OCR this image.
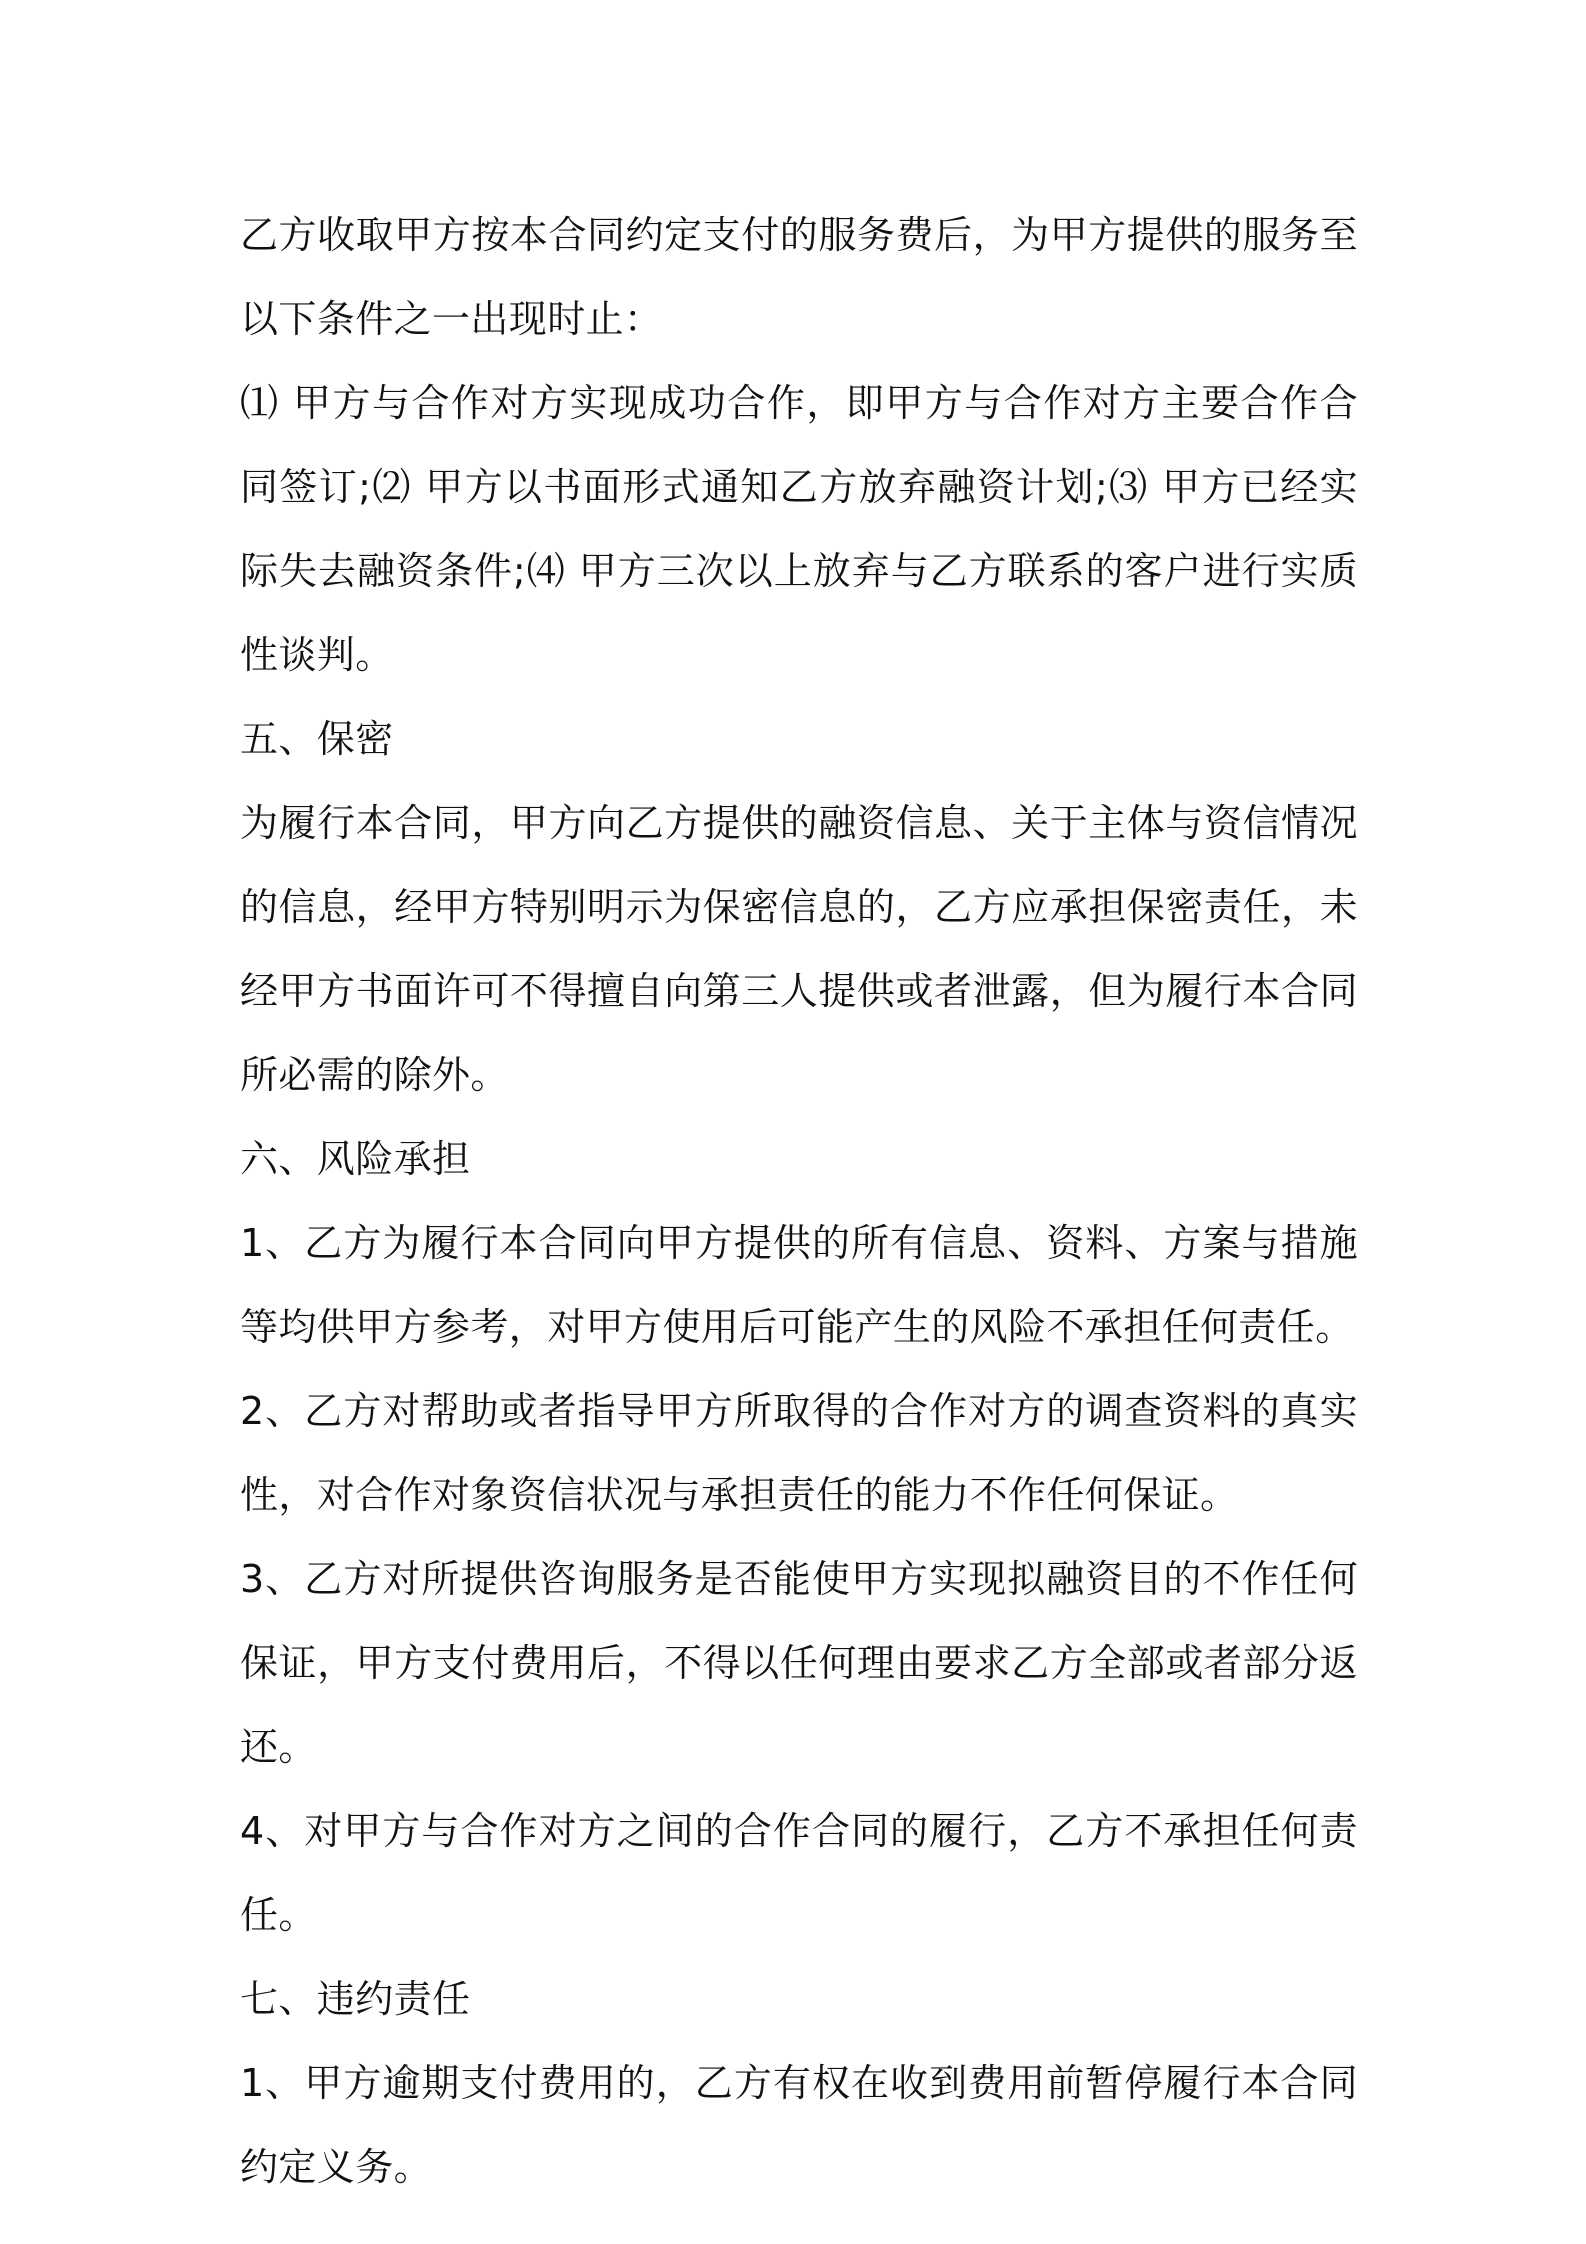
乙方收取甲方按本合同约定支付的服务费后，为甲方提供的服务至以下条件之一出现时止：

⑴ 甲方与合作对方实现成功合作，即甲方与合作对方主要合作合同签订;⑵ 甲方以书面形式通知乙方放弃融资计划;⑶ 甲方已经实际失去融资条件;⑷ 甲方三次以上放弃与乙方联系的客户进行实质性谈判。

五、保密

为履行本合同，甲方向乙方提供的融资信息、关于主体与资信情况的信息，经甲方特别明示为保密信息的，乙方应承担保密责任，未经甲方书面许可不得擅自向第三人提供或者泄露，但为履行本合同所必需的除外。

六、风险承担

1、乙方为履行本合同向甲方提供的所有信息、资料、方案与措施等均供甲方参考，对甲方使用后可能产生的风险不承担任何责任。

2、乙方对帮助或者指导甲方所取得的合作对方的调查资料的真实性，对合作对象资信状况与承担责任的能力不作任何保证。

3、乙方对所提供咨询服务是否能使甲方实现拟融资目的不作任何保证，甲方支付费用后，不得以任何理由要求乙方全部或者部分返还。

4、对甲方与合作对方之间的合作合同的履行，乙方不承担任何责任。

七、违约责任

1、甲方逾期支付费用的，乙方有权在收到费用前暂停履行本合同约定义务。
